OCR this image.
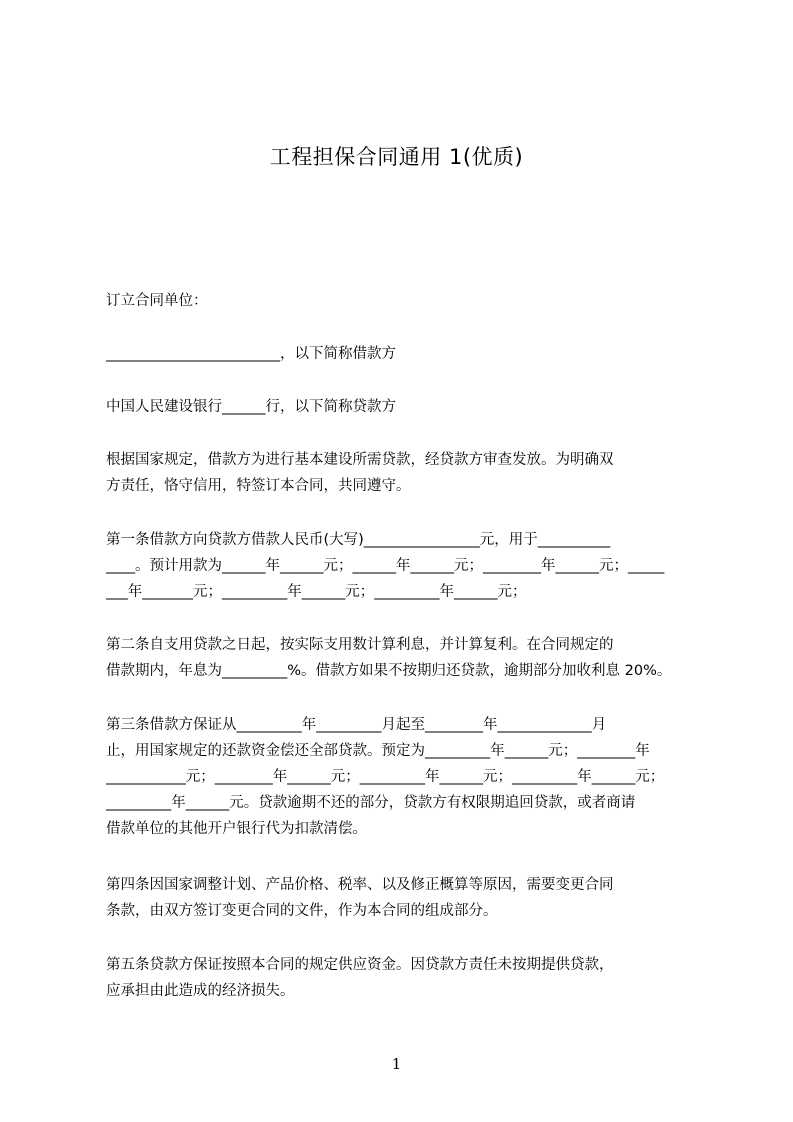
工程担保合同通用 1(优质)
订立合同单位：
________________________，以下简称借款方
中国人民建设银行______行，以下简称贷款方
根据国家规定，借款方为进行基本建设所需贷款，经贷款方审查发放。为明确双
方责任，恪守信用，特签订本合同，共同遵守。
第一条借款方向贷款方借款人民币(大写)________________元，用于__________
____。预计用款为______年______元；______年______元；________年______元；_____
___年_______元；_________年______元；_________年______元；
第二条自支用贷款之日起，按实际支用数计算利息，并计算复利。在合同规定的
借款期内，年息为_________%。借款方如果不按期归还贷款，逾期部分加收利息 20%。
第三条借款方保证从_________年_________月起至________年_____________月
止，用国家规定的还款资金偿还全部贷款。预定为_________年______元；________年
___________元；________年______元；_________年______元；_________年______元；
_________年______元。贷款逾期不还的部分，贷款方有权限期追回贷款，或者商请
借款单位的其他开户银行代为扣款清偿。
第四条因国家调整计划、产品价格、税率、以及修正概算等原因，需要变更合同
条款，由双方签订变更合同的文件，作为本合同的组成部分。
第五条贷款方保证按照本合同的规定供应资金。因贷款方责任未按期提供贷款，
应承担由此造成的经济损失。
1
